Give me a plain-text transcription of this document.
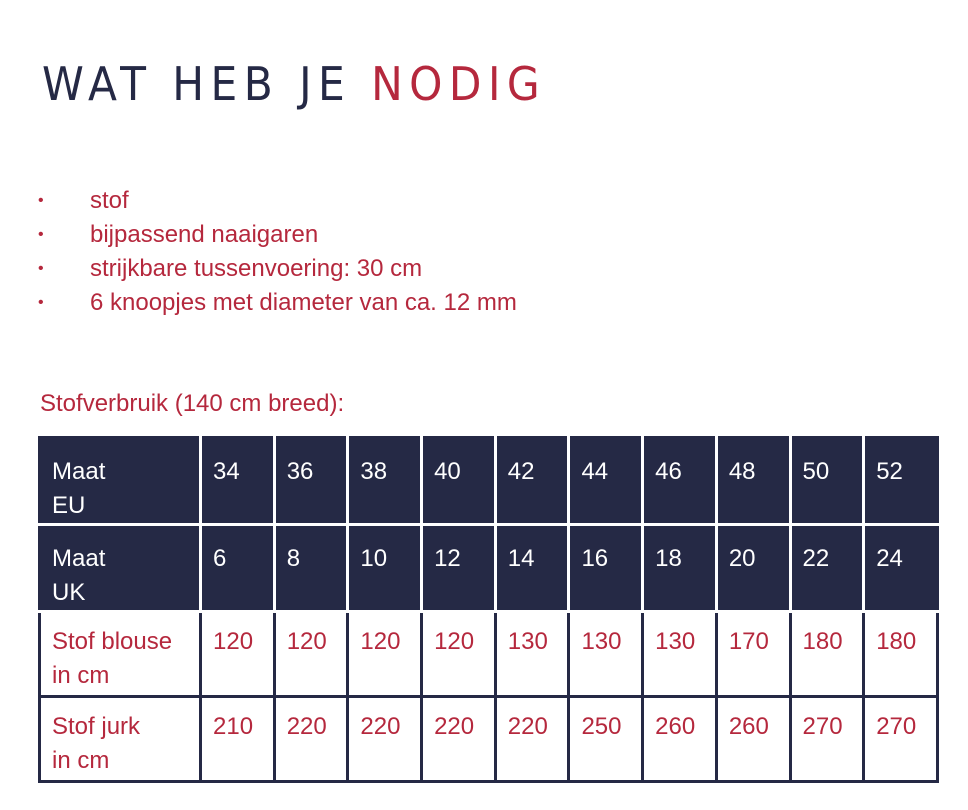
WAT HEB JE NODIG
• stof
• bijpassend naaigaren
• strijkbare tussenvoering: 30 cm
• 6 knoopjes met diameter van ca. 12 mm
Stofverbruik (140 cm breed):
Maat
EU	34	36	38	40	42	44	46	48	50	52

Maat
UK	6	8	10	12	14	16	18	20	22	24

Stof blouse
in cm	120	120	120	120	130	130	130	170	180	180

Stof jurk
in cm	210	220	220	220	220	250	260	260	270	270
